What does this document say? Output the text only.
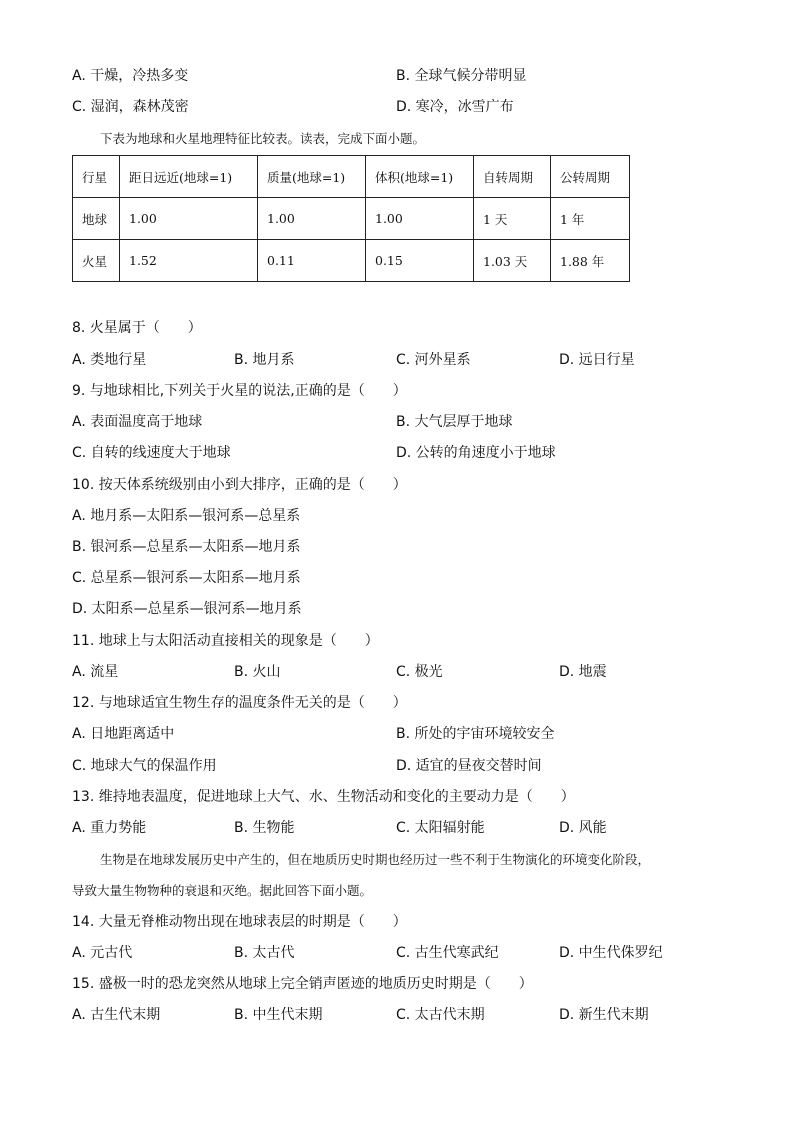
A. 干燥，冷热多变	B. 全球气候分带明显
C. 湿润，森林茂密	D. 寒冷，冰雪广布
下表为地球和火星地理特征比较表。读表，完成下面小题。
行星	距日远近(地球=1)	质量(地球=1)	体积(地球=1)	自转周期	公转周期
地球	1.00	1.00	1.00	1 天	1 年
火星	1.52	0.11	0.15	1.03 天	1.88 年
8. 火星属于（　　）
A. 类地行星	B. 地月系	C. 河外星系	D. 远日行星
9. 与地球相比,下列关于火星的说法,正确的是（　　）
A. 表面温度高于地球	B. 大气层厚于地球
C. 自转的线速度大于地球	D. 公转的角速度小于地球
10. 按天体系统级别由小到大排序，正确的是（　　）
A. 地月系—太阳系—银河系—总星系
B. 银河系—总星系—太阳系—地月系
C. 总星系—银河系—太阳系—地月系
D. 太阳系—总星系—银河系—地月系
11. 地球上与太阳活动直接相关的现象是（　　）
A. 流星	B. 火山	C. 极光	D. 地震
12. 与地球适宜生物生存的温度条件无关的是（　　）
A. 日地距离适中	B. 所处的宇宙环境较安全
C. 地球大气的保温作用	D. 适宜的昼夜交替时间
13. 维持地表温度，促进地球上大气、水、生物活动和变化的主要动力是（　　）
A. 重力势能	B. 生物能	C. 太阳辐射能	D. 风能
生物是在地球发展历史中产生的，但在地质历史时期也经历过一些不利于生物演化的环境变化阶段，
导致大量生物物种的衰退和灭绝。据此回答下面小题。
14. 大量无脊椎动物出现在地球表层的时期是（　　）
A. 元古代	B. 太古代	C. 古生代寒武纪	D. 中生代侏罗纪
15. 盛极一时的恐龙突然从地球上完全销声匿迹的地质历史时期是（　　）
A. 古生代末期	B. 中生代末期	C. 太古代末期	D. 新生代末期
